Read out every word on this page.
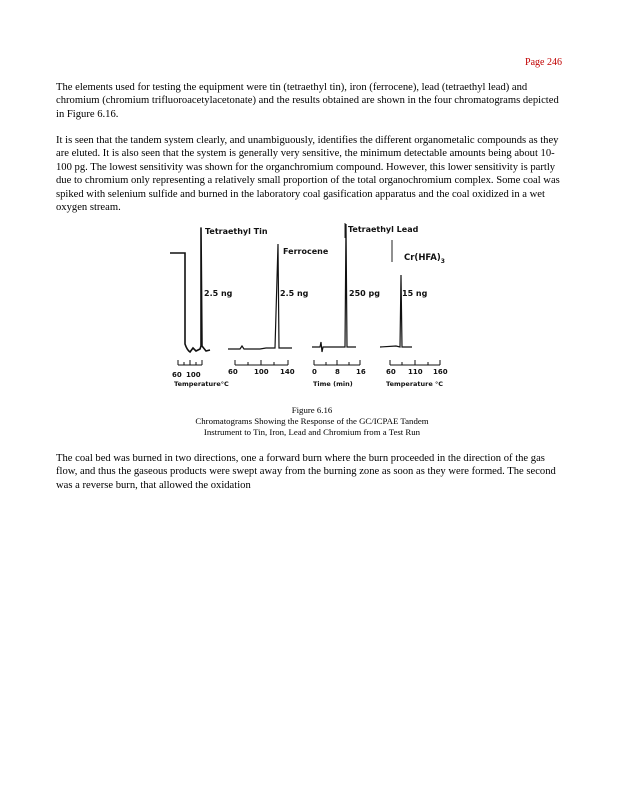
Page 246

The elements used for testing the equipment were tin (tetraethyl tin), iron (ferrocene), lead (tetraethyl lead) and chromium (chromium trifluoroacetylacetonate) and the results obtained are shown in the four chromatograms depicted in Figure 6.16.

It is seen that the tandem system clearly, and unambiguously, identifies the different organometalic compounds as they are eluted. It is also seen that the system is generally very sensitive, the minimum detectable amounts being about 10-100 pg. The lowest sensitivity was shown for the organchromium compound. However, this lower sensitivity is partly due to chromium only representing a relatively small proportion of the total organochromium complex. Some coal was spiked with selenium sulfide and burned in the laboratory coal gasification apparatus and the coal oxidized in a wet oxygen stream.

Tetraethyl Tin
Ferrocene
Tetraethyl Lead
$Cr(HFA)_3$
2.5 ng	2.5 ng	250 pg	15 ng
60 100	60 100 140 0	8 16	60 110 160
Temperature°C	Time (min)	Temperature °C
Figure 6.16
Chromatograms Showing the Response of the GC/ICPAE Tandem
Instrument to Tin, Iron, Lead and Chromium from a Test Run

The coal bed was burned in two directions, one a forward burn where the burn proceeded in the direction of the gas flow, and thus the gaseous products were swept away from the burning zone as soon as they were formed. The second was a reverse burn, that allowed the oxidation
